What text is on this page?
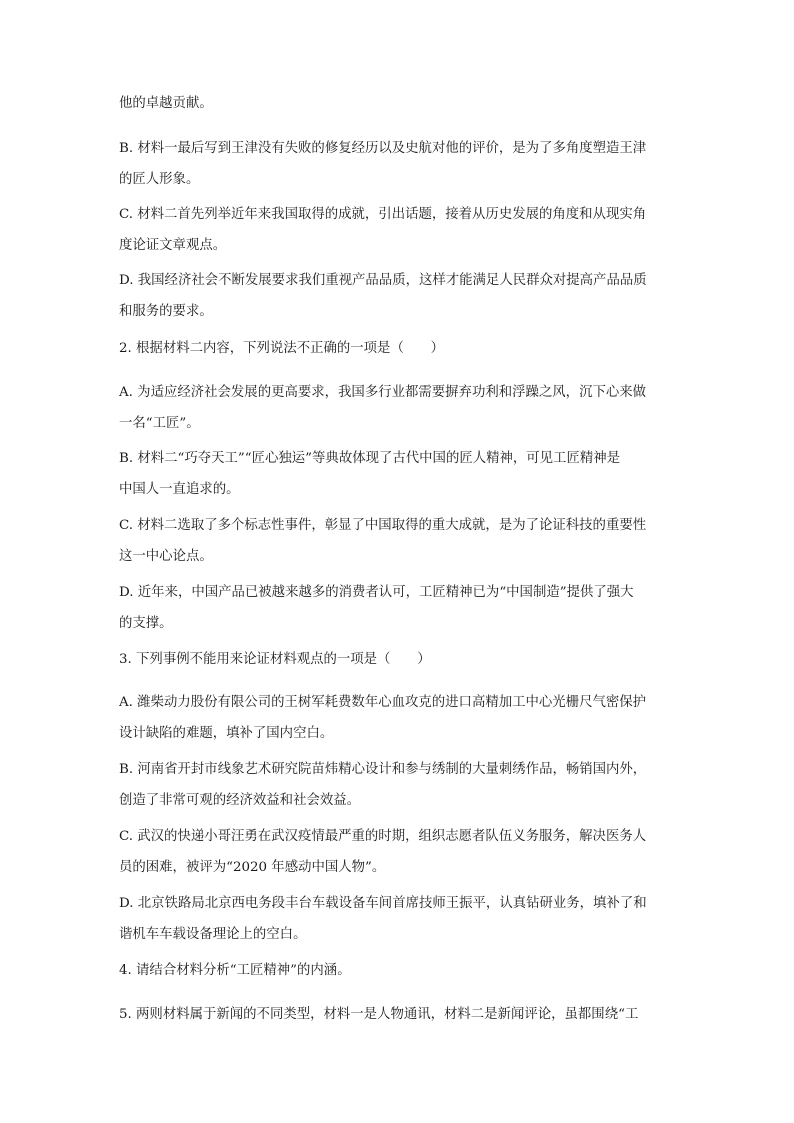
他的卓越贡献。
B. 材料一最后写到王津没有失败的修复经历以及史航对他的评价，是为了多角度塑造王津
的匠人形象。
C. 材料二首先列举近年来我国取得的成就，引出话题，接着从历史发展的角度和从现实角
度论证文章观点。
D. 我国经济社会不断发展要求我们重视产品品质，这样才能满足人民群众对提高产品品质
和服务的要求。
2. 根据材料二内容，下列说法不正确的一项是（　　）
A. 为适应经济社会发展的更高要求，我国多行业都需要摒弃功利和浮躁之风，沉下心来做
一名“工匠”。
B. 材料二“巧夺天工”“匠心独运”等典故体现了古代中国的匠人精神，可见工匠精神是
中国人一直追求的。
C. 材料二选取了多个标志性事件，彰显了中国取得的重大成就，是为了论证科技的重要性
这一中心论点。
D. 近年来，中国产品已被越来越多的消费者认可，工匠精神已为“中国制造”提供了强大
的支撑。
3. 下列事例不能用来论证材料观点的一项是（　　）
A. 潍柴动力股份有限公司的王树军耗费数年心血攻克的进口高精加工中心光栅尺气密保护
设计缺陷的难题，填补了国内空白。
B. 河南省开封市线象艺术研究院苗炜精心设计和参与绣制的大量刺绣作品，畅销国内外，
创造了非常可观的经济效益和社会效益。
C. 武汉的快递小哥汪勇在武汉疫情最严重的时期，组织志愿者队伍义务服务，解决医务人
员的困难，被评为“2020 年感动中国人物”。
D. 北京铁路局北京西电务段丰台车载设备车间首席技师王振平，认真钻研业务，填补了和
谐机车车载设备理论上的空白。
4. 请结合材料分析“工匠精神”的内涵。
5. 两则材料属于新闻的不同类型，材料一是人物通讯，材料二是新闻评论，虽都围绕“工
